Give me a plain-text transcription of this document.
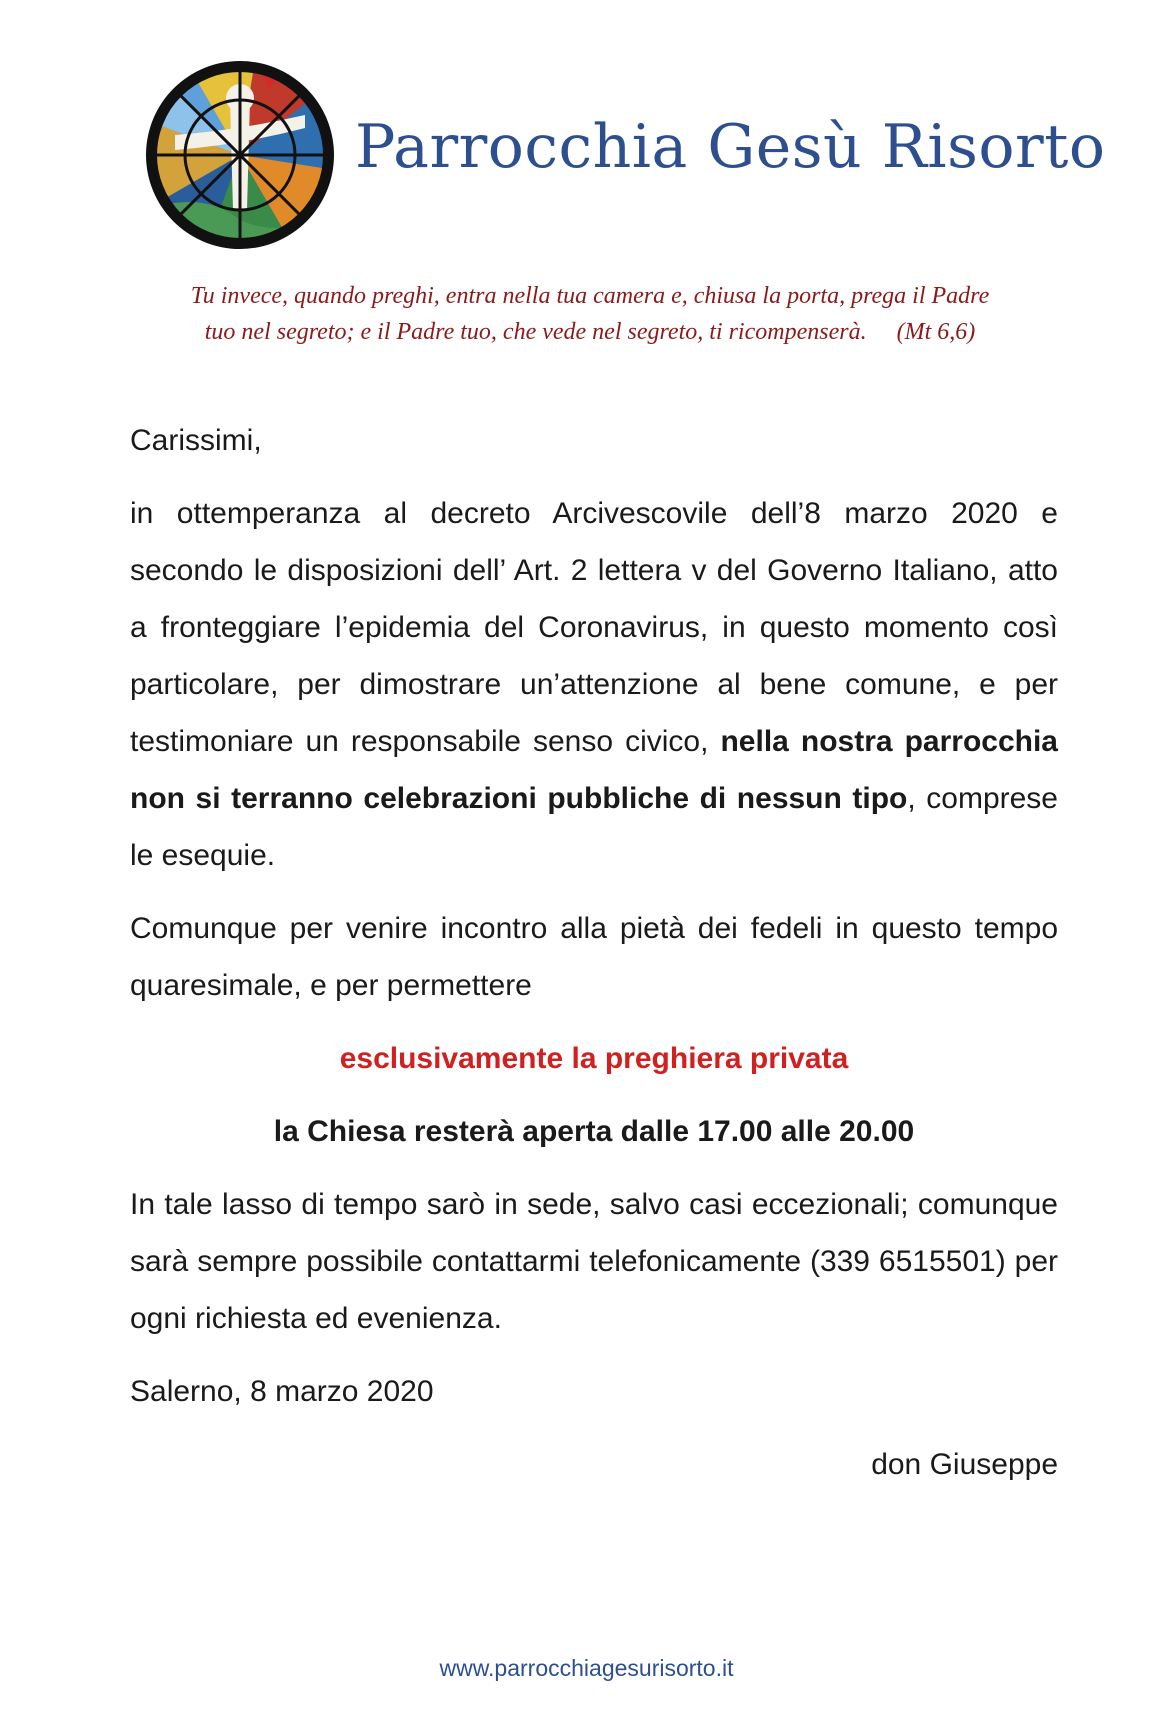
Parrocchia Gesù Risorto
Tu invece, quando preghi, entra nella tua camera e, chiusa la porta, prega il Padre
tuo nel segreto; e il Padre tuo, che vede nel segreto, ti ricompenserà. (Mt 6,6)

Carissimi,

in ottemperanza al decreto Arcivescovile dell’8 marzo 2020 e secondo le disposizioni dell’ Art. 2 lettera v del Governo Italiano, atto a fronteggiare l’epidemia del Coronavirus, in questo momento così particolare, per dimostrare un’attenzione al bene comune, e per testimoniare un responsabile senso civico, nella nostra parrocchia non si terranno celebrazioni pubbliche di nessun tipo, comprese le esequie.

Comunque per venire incontro alla pietà dei fedeli in questo tempo quaresimale, e per permettere

esclusivamente la preghiera privata

la Chiesa resterà aperta dalle 17.00 alle 20.00

In tale lasso di tempo sarò in sede, salvo casi eccezionali; comunque sarà sempre possibile contattarmi telefonicamente (339 6515501) per ogni richiesta ed evenienza.

Salerno, 8 marzo 2020

don Giuseppe

www.parrocchiagesurisorto.it
